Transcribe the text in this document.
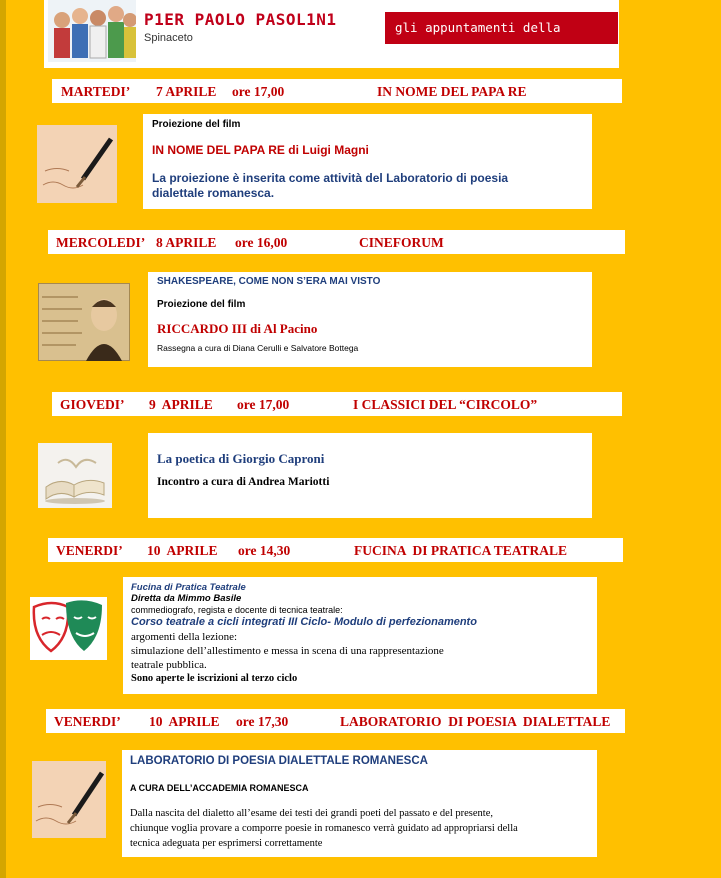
P1ER PAOLO PASOL1N1
Spinaceto
gli appuntamenti della settimana
MARTEDI’ 7 APRILE ore 17,00	IN NOME DEL PAPA RE
Proiezione del film
IN NOME DEL PAPA RE di Luigi Magni
La proiezione è inserita come attività del Laboratorio di poesia
dialettale romanesca.
MERCOLEDI’ 8 APRILE ore 16,00	CINEFORUM
SHAKESPEARE, COME NON S’ERA MAI VISTO
Proiezione del film
RICCARDO III di Al Pacino
Rassegna a cura di Diana Cerulli e Salvatore Bottega
GIOVEDI’ 9  APRILE ore 17,00	I CLASSICI DEL “CIRCOLO”
La poetica di Giorgio Caproni
Incontro a cura di Andrea Mariotti
VENERDI’ 10  APRILE ore 14,30	FUCINA  DI PRATICA TEATRALE
Fucina di Pratica Teatrale
Diretta da Mimmo Basile
commediografo, regista e docente di tecnica teatrale:
Corso teatrale a cicli integrati III Ciclo- Modulo di perfezionamento
argomenti della lezione:
simulazione dell’allestimento e messa in scena di una rappresentazione
teatrale pubblica.
Sono aperte le iscrizioni al terzo ciclo
VENERDI’ 10  APRILE ore 17,30	LABORATORIO  DI POESIA  DIALETTALE
LABORATORIO DI POESIA DIALETTALE ROMANESCA
A CURA DELL’ACCADEMIA ROMANESCA
Dalla nascita del dialetto all’esame dei testi dei grandi poeti del passato e del presente,
chiunque voglia provare a comporre poesie in romanesco verrà guidato ad appropriarsi della
tecnica adeguata per esprimersi correttamente
